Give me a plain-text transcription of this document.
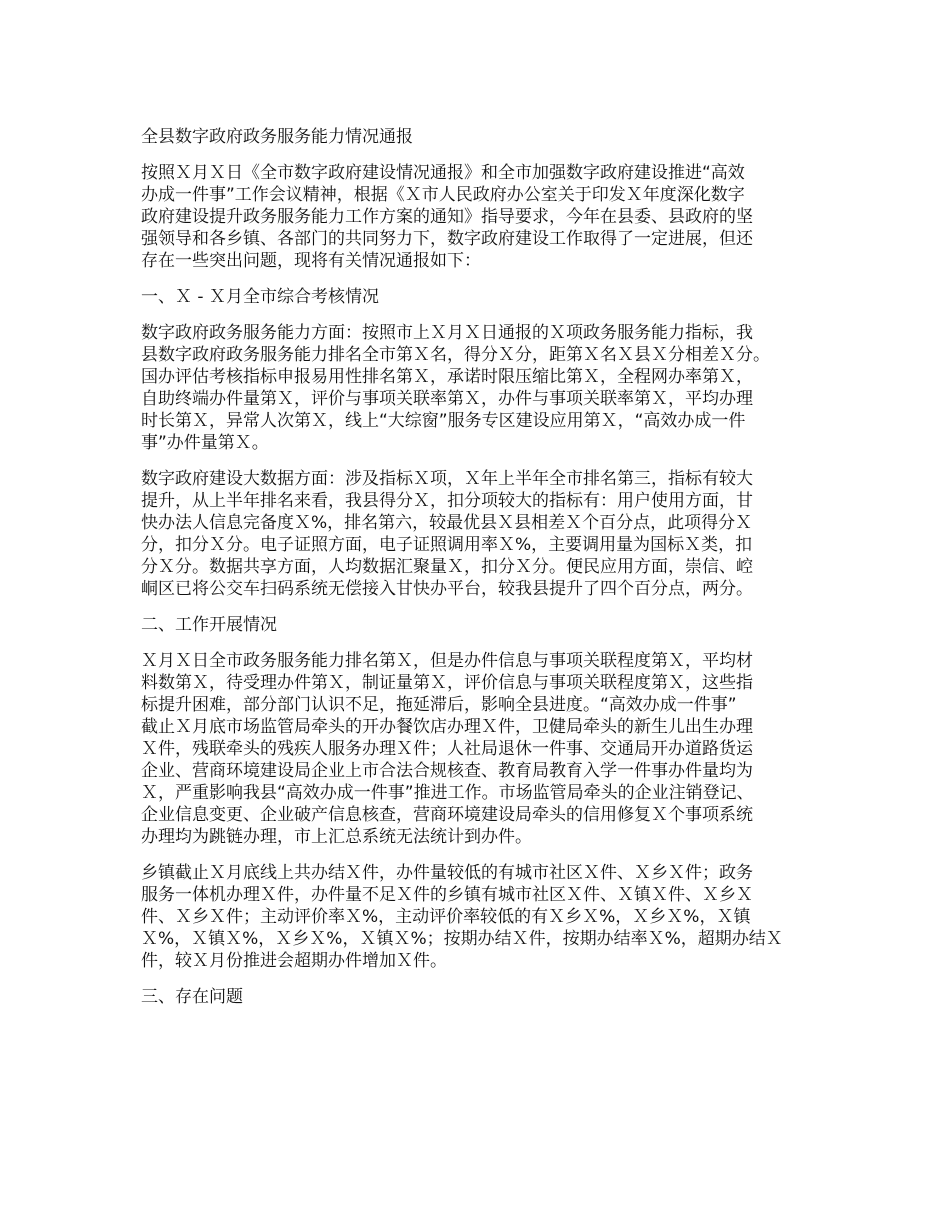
全县数字政府政务服务能力情况通报
按照Ｘ月Ｘ日《全市数字政府建设情况通报》和全市加强数字政府建设推进“高效
办成一件事”工作会议精神，根据《Ｘ市人民政府办公室关于印发Ｘ年度深化数字
政府建设提升政务服务能力工作方案的通知》指导要求，今年在县委、县政府的坚
强领导和各乡镇、各部门的共同努力下，数字政府建设工作取得了一定进展，但还
存在一些突出问题，现将有关情况通报如下：
一、Ｘ - Ｘ月全市综合考核情况
数字政府政务服务能力方面：按照市上Ｘ月Ｘ日通报的Ｘ项政务服务能力指标，我
县数字政府政务服务能力排名全市第Ｘ名，得分Ｘ分，距第Ｘ名Ｘ县Ｘ分相差Ｘ分。
国办评估考核指标申报易用性排名第Ｘ，承诺时限压缩比第Ｘ，全程网办率第Ｘ，
自助终端办件量第Ｘ，评价与事项关联率第Ｘ，办件与事项关联率第Ｘ，平均办理
时长第Ｘ，异常人次第Ｘ，线上“大综窗”服务专区建设应用第Ｘ，“高效办成一件
事”办件量第Ｘ。
数字政府建设大数据方面：涉及指标Ｘ项，Ｘ年上半年全市排名第三，指标有较大
提升，从上半年排名来看，我县得分Ｘ，扣分项较大的指标有：用户使用方面，甘
快办法人信息完备度Ｘ%，排名第六，较最优县Ｘ县相差Ｘ个百分点，此项得分Ｘ
分，扣分Ｘ分。电子证照方面，电子证照调用率Ｘ%，主要调用量为国标Ｘ类，扣
分Ｘ分。数据共享方面，人均数据汇聚量Ｘ，扣分Ｘ分。便民应用方面，崇信、崆
峒区已将公交车扫码系统无偿接入甘快办平台，较我县提升了四个百分点，两分。
二、工作开展情况
Ｘ月Ｘ日全市政务服务能力排名第Ｘ，但是办件信息与事项关联程度第Ｘ，平均材
料数第Ｘ，待受理办件第Ｘ，制证量第Ｘ，评价信息与事项关联程度第Ｘ，这些指
标提升困难，部分部门认识不足，拖延滞后，影响全县进度。“高效办成一件事”
截止Ｘ月底市场监管局牵头的开办餐饮店办理Ｘ件，卫健局牵头的新生儿出生办理
Ｘ件，残联牵头的残疾人服务办理Ｘ件；人社局退休一件事、交通局开办道路货运
企业、营商环境建设局企业上市合法合规核查、教育局教育入学一件事办件量均为
Ｘ，严重影响我县“高效办成一件事”推进工作。市场监管局牵头的企业注销登记、
企业信息变更、企业破产信息核查，营商环境建设局牵头的信用修复Ｘ个事项系统
办理均为跳链办理，市上汇总系统无法统计到办件。
乡镇截止Ｘ月底线上共办结Ｘ件，办件量较低的有城市社区Ｘ件、Ｘ乡Ｘ件；政务
服务一体机办理Ｘ件，办件量不足Ｘ件的乡镇有城市社区Ｘ件、Ｘ镇Ｘ件、Ｘ乡Ｘ
件、Ｘ乡Ｘ件；主动评价率Ｘ%，主动评价率较低的有Ｘ乡Ｘ%，Ｘ乡Ｘ%，Ｘ镇
Ｘ%，Ｘ镇Ｘ%，Ｘ乡Ｘ%，Ｘ镇Ｘ%；按期办结Ｘ件，按期办结率Ｘ%，超期办结Ｘ
件，较Ｘ月份推进会超期办件增加Ｘ件。
三、存在问题
